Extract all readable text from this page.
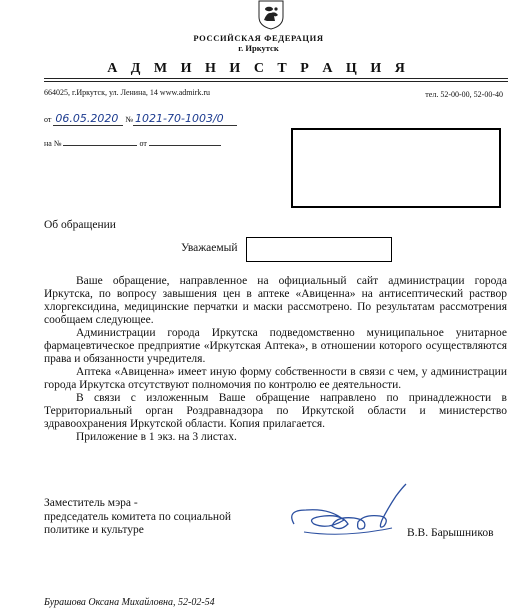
РОССИЙСКАЯ ФЕДЕРАЦИЯ
г. Иркутск
А Д М И Н И С Т Р А Ц И Я
664025, г.Иркутск, ул. Ленина, 14 www.admirk.ru	тел. 52-00-00, 52-00-40
от 06.05.2020 № 1021-70-1003/0
на №	от
Об обращении
Уважаемый

Ваше обращение, направленное на официальный сайт администрации города Иркутска, по вопросу завышения цен в аптеке «Авиценна» на антисептический раствор хлоргексидина, медицинские перчатки и маски рассмотрено. По результатам рассмотрения сообщаем следующее.

Администрации города Иркутска подведомственно муниципальное унитарное фармацевтическое предприятие «Иркутская Аптека», в отношении которого осуществляются права и обязанности учредителя.

Аптека «Авиценна» имеет иную форму собственности в связи с чем, у администрации города Иркутска отсутствуют полномочия по контролю ее деятельности.

В связи с изложенным Ваше обращение направлено по принадлежности в Территориальный орган Роздравнадзора по Иркутской области и министерство здравоохранения Иркутской области. Копия прилагается.

Приложение в 1 экз. на 3 листах.

Заместитель мэра -
председатель комитета по социальной
политике и культуре	В.В. Барышников
Бурашова Оксана Михайловна, 52-02-54
